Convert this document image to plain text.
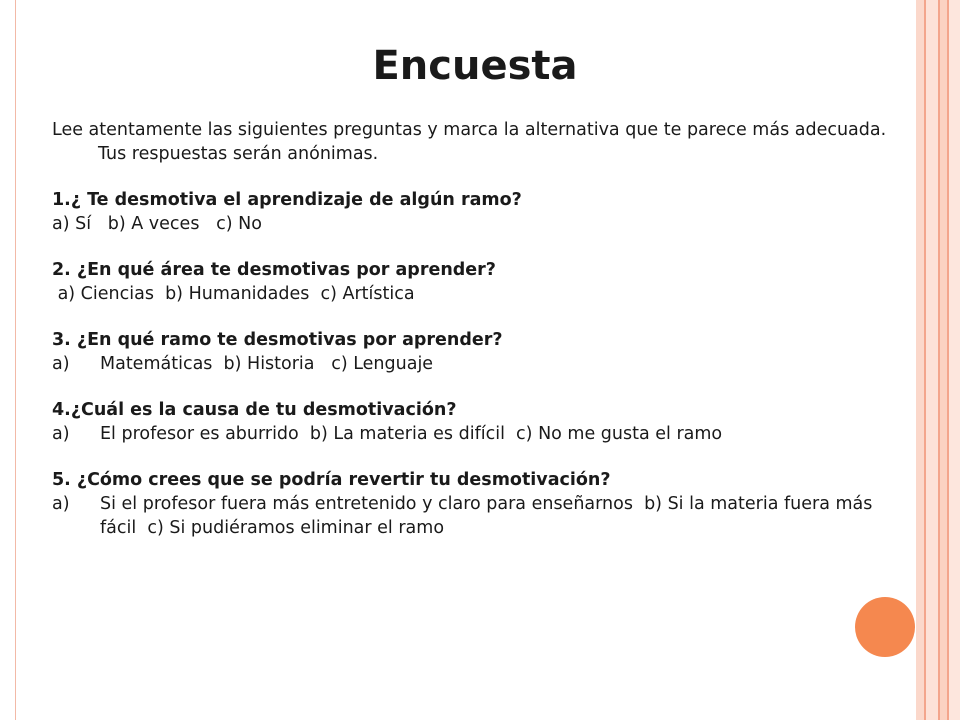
Encuesta

Lee atentamente las siguientes preguntas y marca la alternativa que te parece más adecuada. Tus respuestas serán anónimas.

1.¿ Te desmotiva el aprendizaje de algún ramo?

a) Sí   b) A veces   c) No

2. ¿En qué área te desmotivas por aprender?

a) Ciencias  b) Humanidades  c) Artística

3. ¿En qué ramo te desmotivas por aprender?

a)	Matemáticas  b) Historia   c) Lenguaje

4.¿Cuál es la causa de tu desmotivación?

a)	El profesor es aburrido  b) La materia es difícil  c) No me gusta el ramo

5. ¿Cómo crees que se podría revertir tu desmotivación?

a)	Si el profesor fuera más entretenido y claro para enseñarnos  b) Si la materia fuera más fácil  c) Si pudiéramos eliminar el ramo
